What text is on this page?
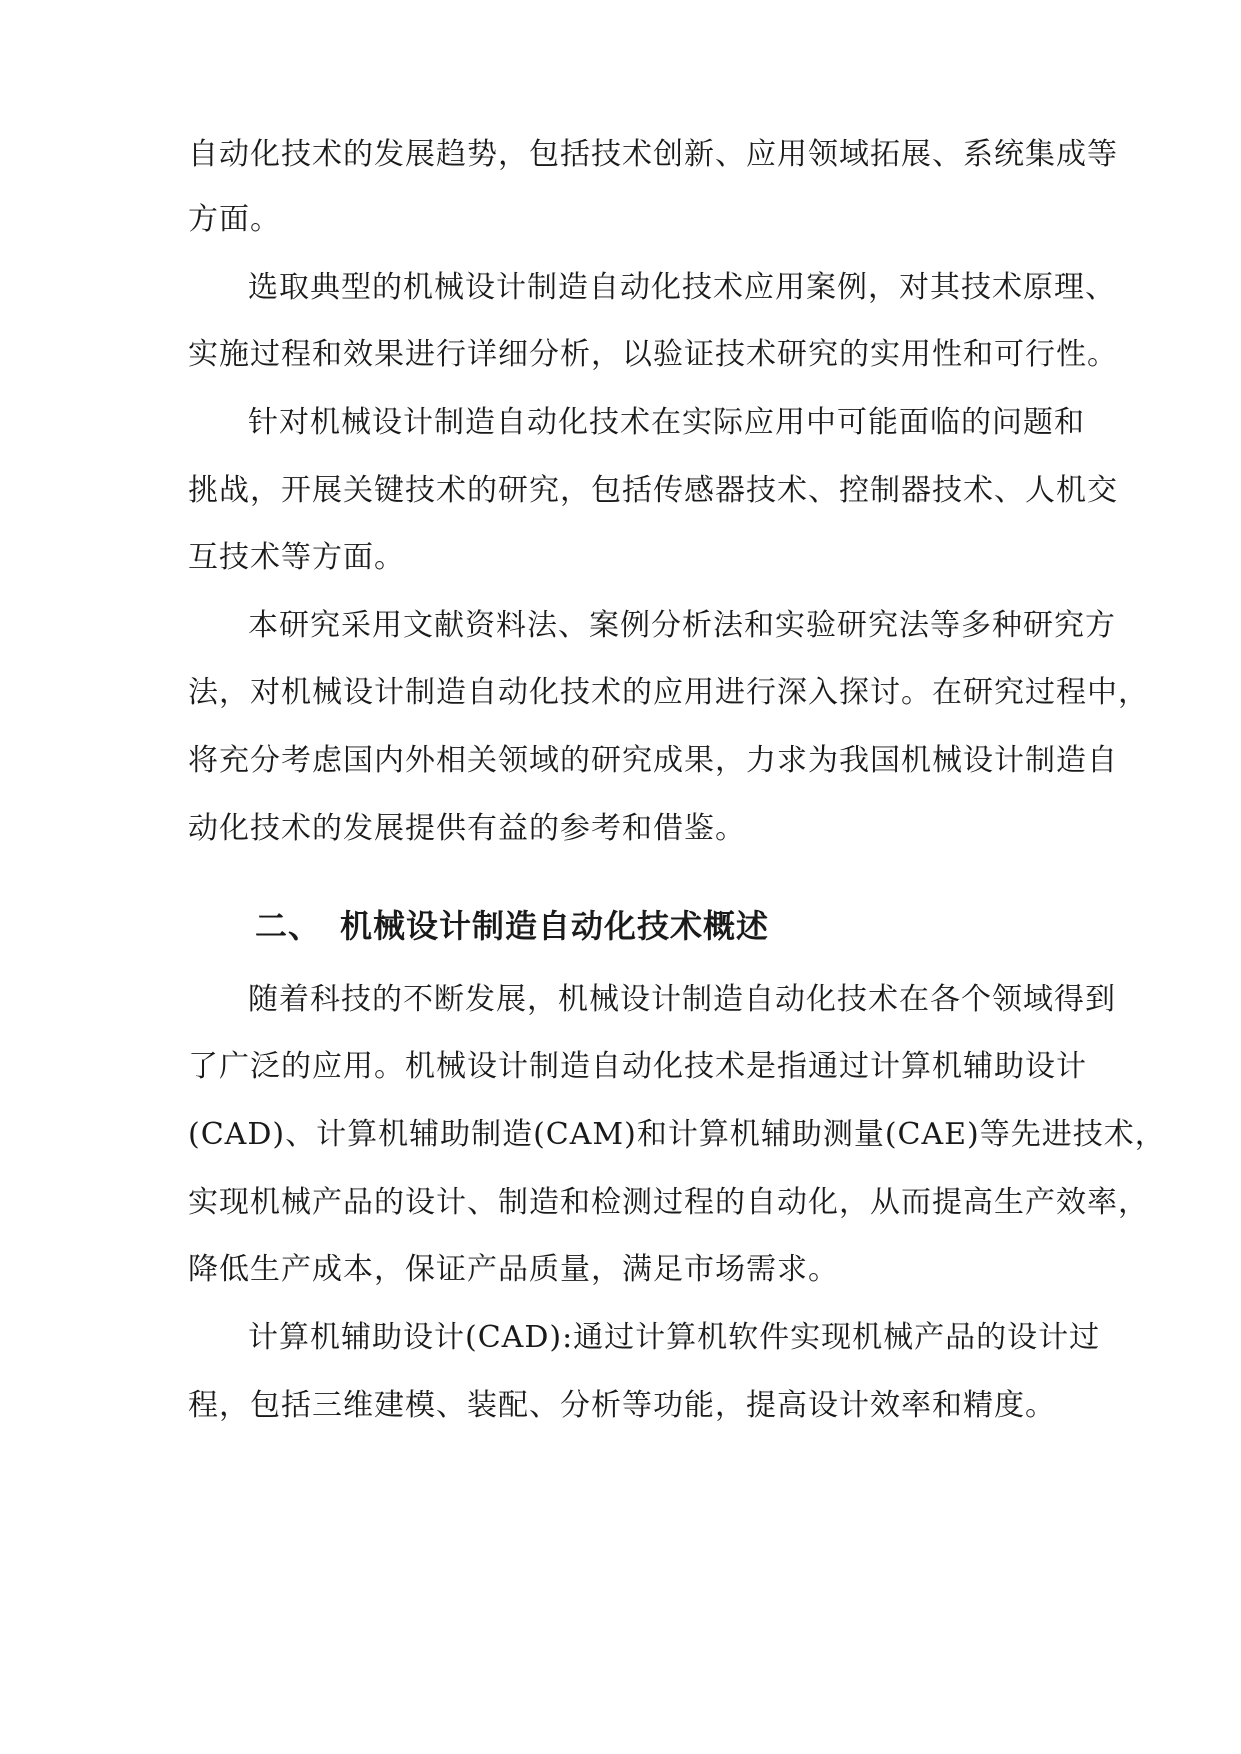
自动化技术的发展趋势，包括技术创新、应用领域拓展、系统集成等
方面。
选取典型的机械设计制造自动化技术应用案例，对其技术原理、
实施过程和效果进行详细分析，以验证技术研究的实用性和可行性。
针对机械设计制造自动化技术在实际应用中可能面临的问题和
挑战，开展关键技术的研究，包括传感器技术、控制器技术、人机交
互技术等方面。
本研究采用文献资料法、案例分析法和实验研究法等多种研究方
法，对机械设计制造自动化技术的应用进行深入探讨。在研究过程中，
将充分考虑国内外相关领域的研究成果，力求为我国机械设计制造自
动化技术的发展提供有益的参考和借鉴。
二、 机械设计制造自动化技术概述
随着科技的不断发展，机械设计制造自动化技术在各个领域得到
了广泛的应用。机械设计制造自动化技术是指通过计算机辅助设计
(CAD)、计算机辅助制造(CAM)和计算机辅助测量(CAE)等先进技术，
实现机械产品的设计、制造和检测过程的自动化，从而提高生产效率，
降低生产成本，保证产品质量，满足市场需求。
计算机辅助设计(CAD):通过计算机软件实现机械产品的设计过
程，包括三维建模、装配、分析等功能，提高设计效率和精度。
